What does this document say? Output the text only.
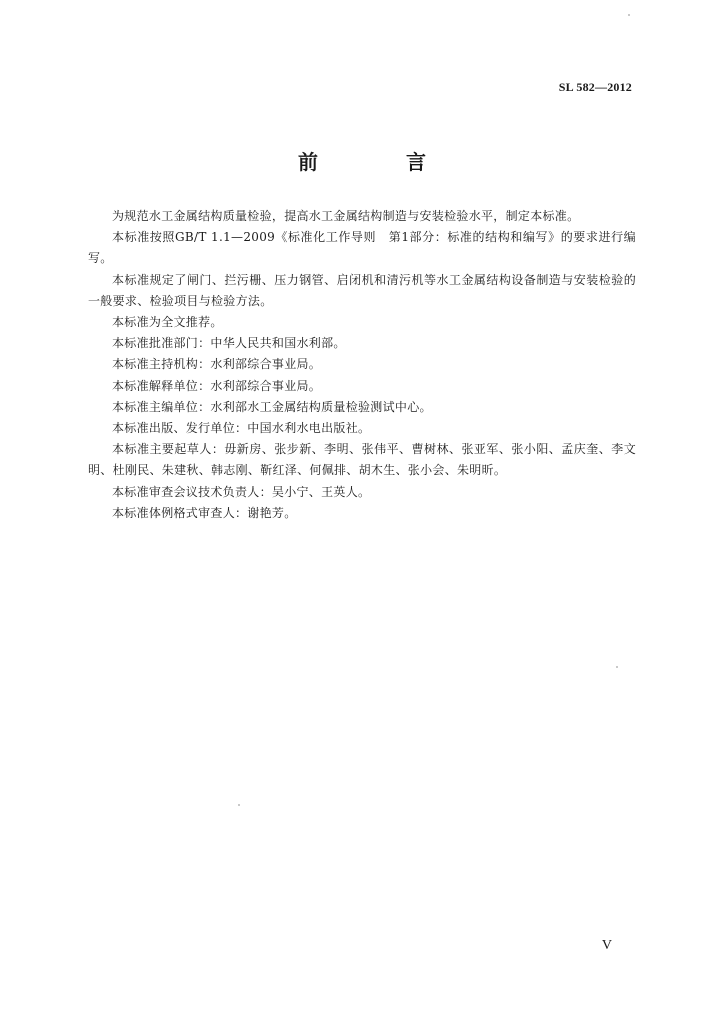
SL 582—2012
前　言

为规范水工金属结构质量检验，提高水工金属结构制造与安装检验水平，制定本标准。

本标准按照GB/T 1.1—2009《标准化工作导则　第1部分：标准的结构和编写》的要求进行编写。

本标准规定了闸门、拦污栅、压力钢管、启闭机和清污机等水工金属结构设备制造与安装检验的一般要求、检验项目与检验方法。

本标准为全文推荐。

本标准批准部门：中华人民共和国水利部。

本标准主持机构：水利部综合事业局。

本标准解释单位：水利部综合事业局。

本标准主编单位：水利部水工金属结构质量检验测试中心。

本标准出版、发行单位：中国水利水电出版社。

本标准主要起草人：毋新房、张步新、李明、张伟平、曹树林、张亚军、张小阳、孟庆奎、李文明、杜刚民、朱建秋、韩志刚、靳红泽、何佩排、胡木生、张小会、朱明昕。

本标准审查会议技术负责人：吴小宁、王英人。

本标准体例格式审查人：谢艳芳。

V
